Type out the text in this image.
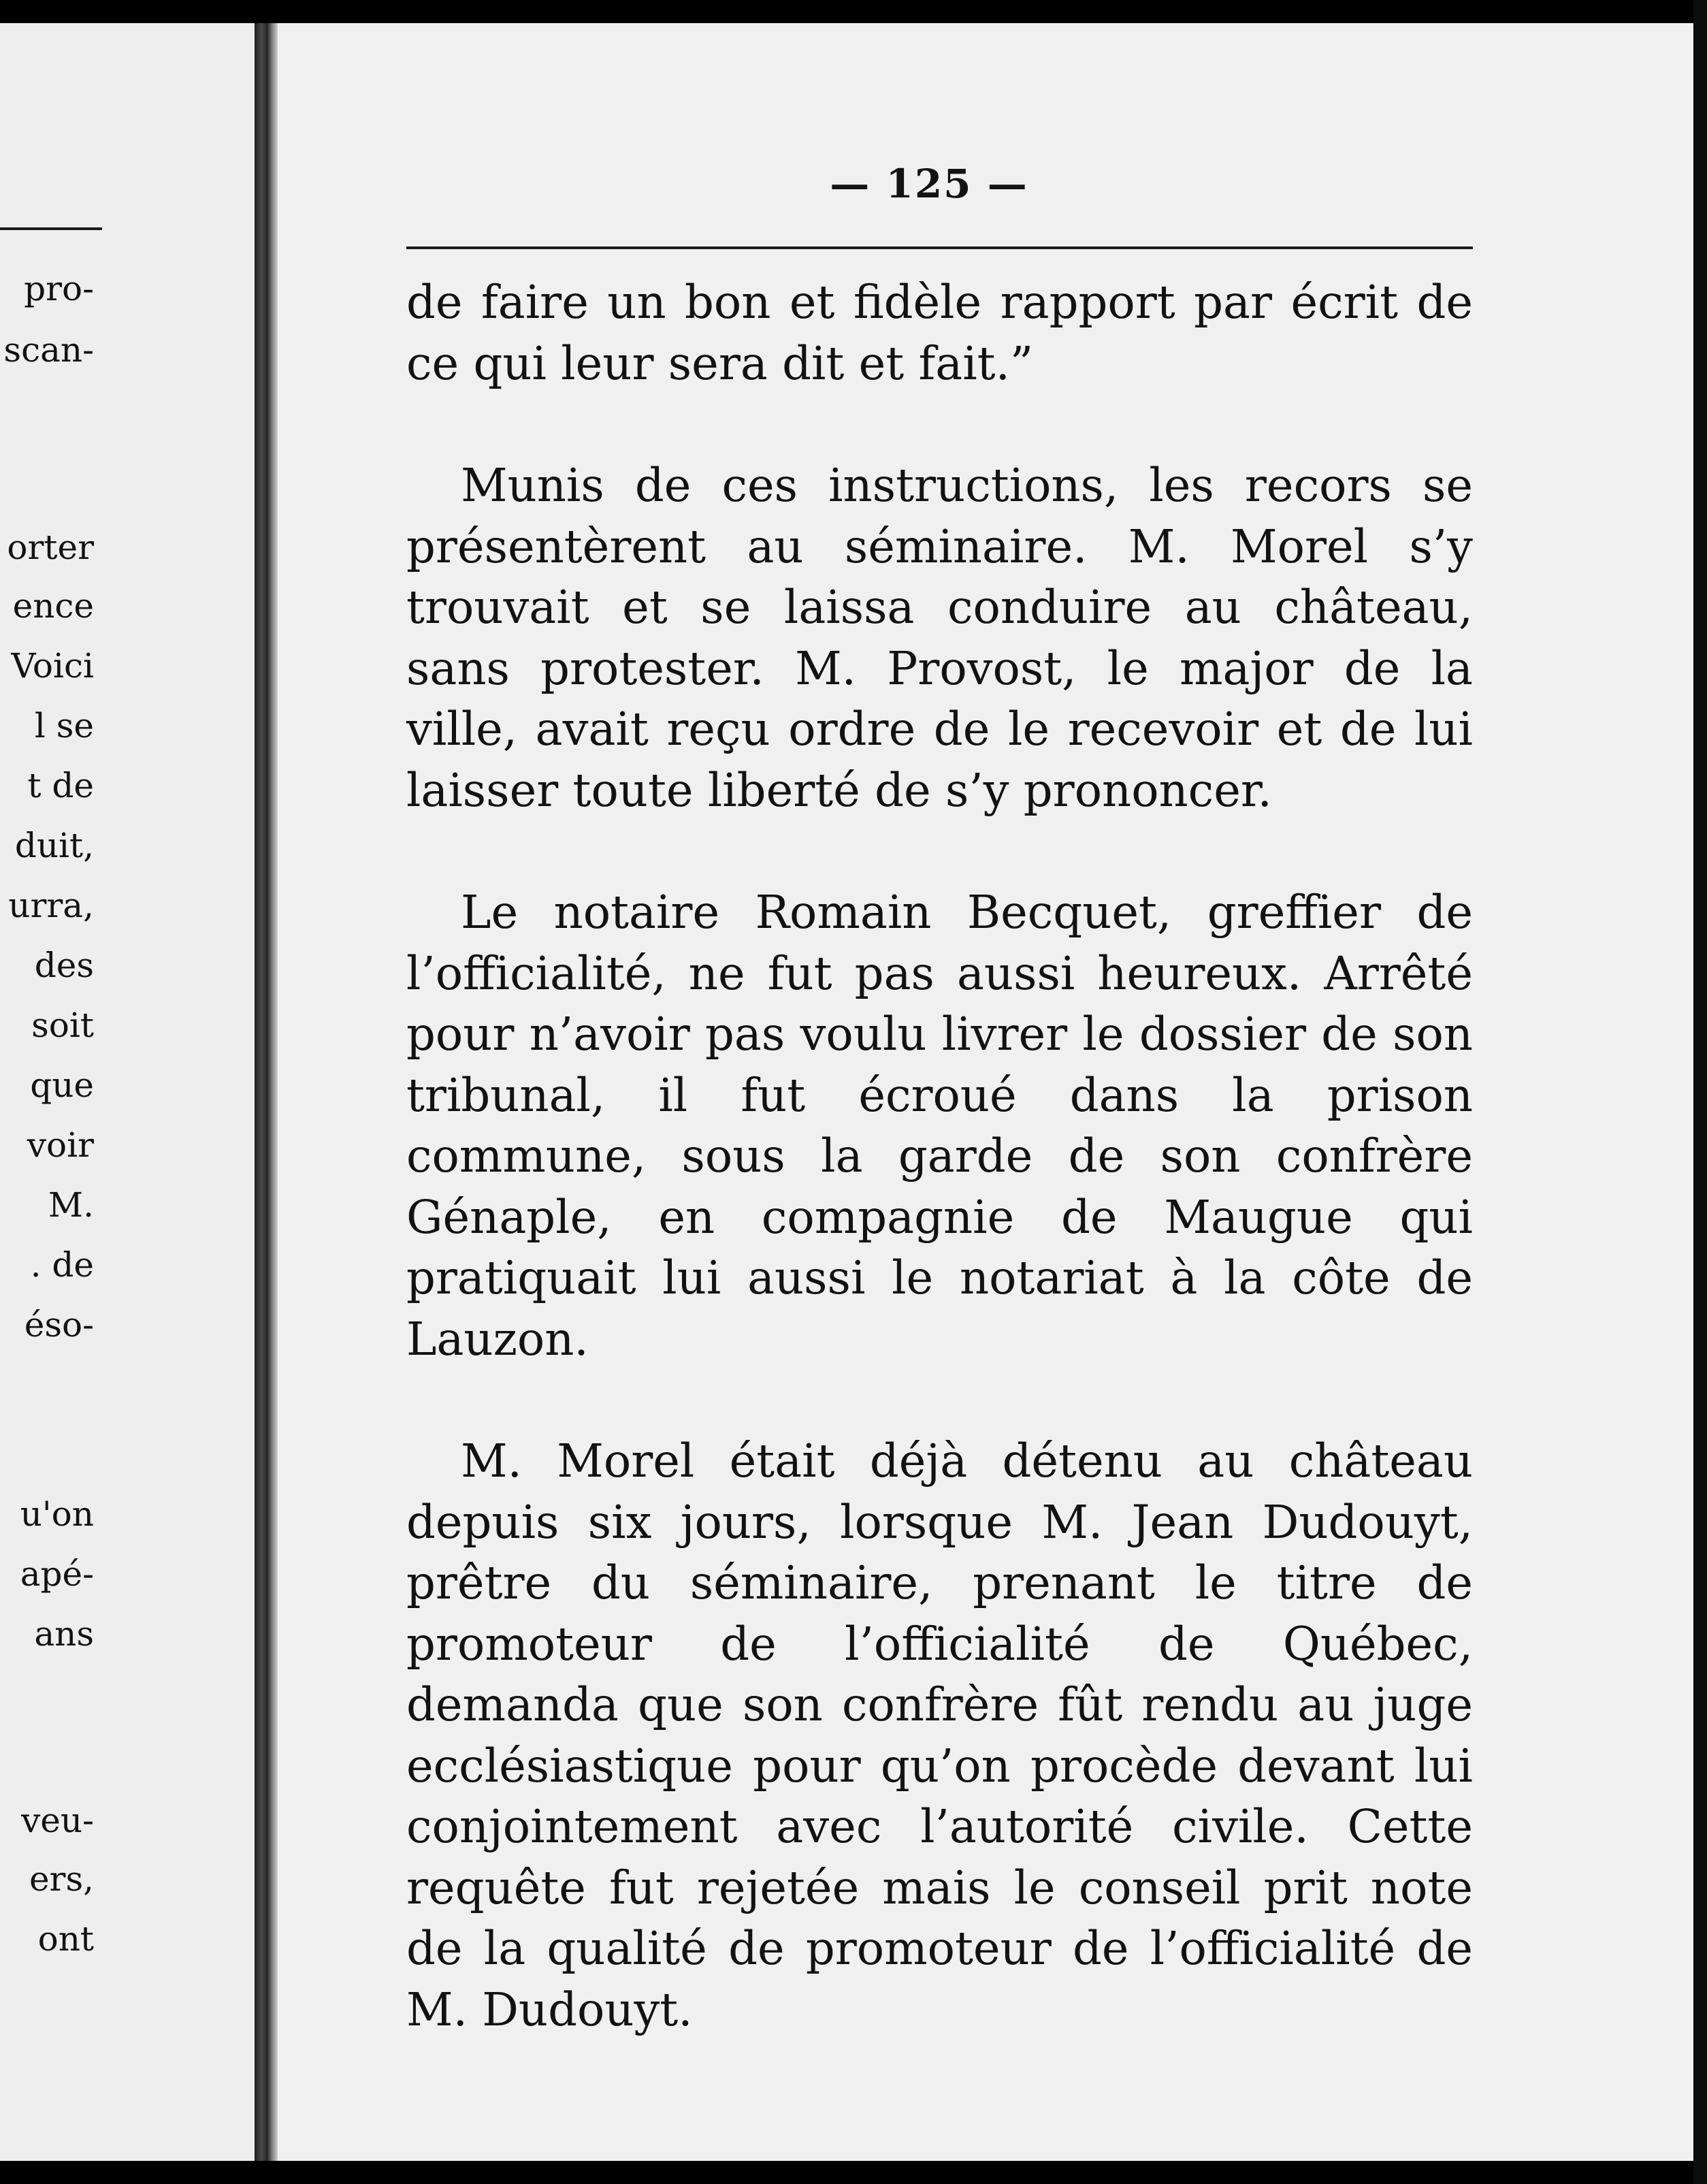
pro-
scan-
orter
ence
Voici
l se
t de
duit,
urra,
des
soit
que
voir
M.
. de
éso-
u'on
apé-
ans
veu-
ers,
ont
— 125 —

de faire un bon et fidèle rapport par écrit de ce qui leur sera dit et fait.”

Munis de ces instructions, les recors se présentèrent au séminaire. M. Morel s’y trouvait et se laissa conduire au château, sans protester. M. Provost, le major de la ville, avait reçu ordre de le recevoir et de lui laisser toute liberté de s’y prononcer.

Le notaire Romain Becquet, greffier de l’officialité, ne fut pas aussi heureux. Arrêté pour n’avoir pas voulu livrer le dossier de son tribunal, il fut écroué dans la prison commune, sous la garde de son confrère Génaple, en compagnie de Maugue qui pratiquait lui aussi le notariat à la côte de Lauzon.

M. Morel était déjà détenu au château depuis six jours, lorsque M. Jean Dudouyt, prêtre du séminaire, prenant le titre de promoteur de l’officialité de Québec, demanda que son confrère fût rendu au juge ecclésiastique pour qu’on procède devant lui conjointement avec l’autorité civile. Cette requête fut rejetée mais le conseil prit note de la qualité de promoteur de l’officialité de M. Dudouyt.
